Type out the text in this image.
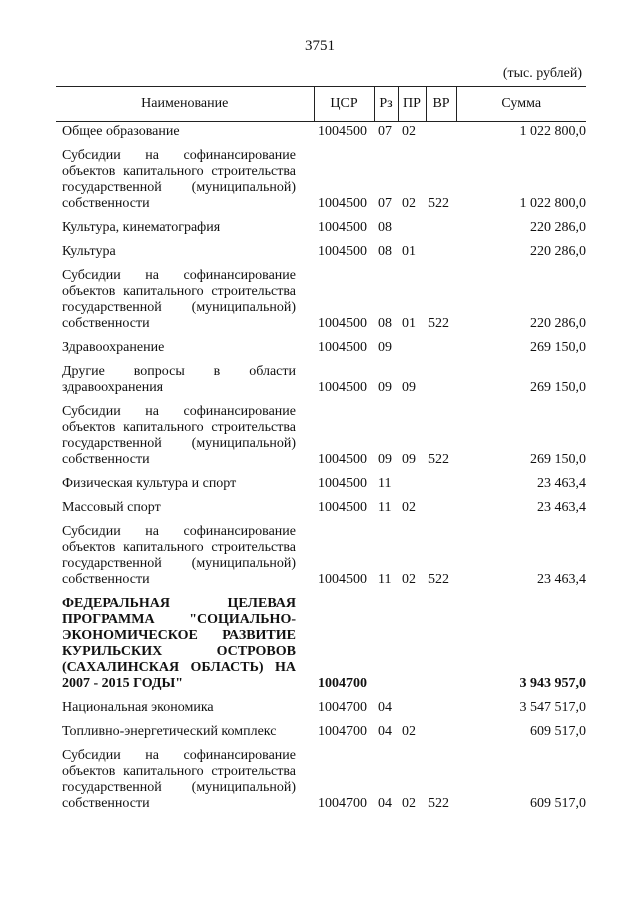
3751
(тыс. рублей)
Наименование	ЦСР	Рз	ПР	ВР	Сумма
Общее образование	1004500	07	02		1 022 800,0
Субсидии на софинансирование объектов капитального строительства государственной (муниципальной) собственности	1004500	07	02	522	1 022 800,0
Культура, кинематография	1004500	08			220 286,0
Культура	1004500	08	01		220 286,0
Субсидии на софинансирование объектов капитального строительства государственной (муниципальной) собственности	1004500	08	01	522	220 286,0
Здравоохранение	1004500	09			269 150,0
Другие вопросы в области здравоохранения	1004500	09	09		269 150,0
Субсидии на софинансирование объектов капитального строительства государственной (муниципальной) собственности	1004500	09	09	522	269 150,0
Физическая культура и спорт	1004500	11			23 463,4
Массовый спорт	1004500	11	02		23 463,4
Субсидии на софинансирование объектов капитального строительства государственной (муниципальной) собственности	1004500	11	02	522	23 463,4
ФЕДЕРАЛЬНАЯ ЦЕЛЕВАЯ ПРОГРАММА "СОЦИАЛЬНО-ЭКОНОМИЧЕСКОЕ РАЗВИТИЕ КУРИЛЬСКИХ ОСТРОВОВ (САХАЛИНСКАЯ ОБЛАСТЬ) НА 2007 - 2015 ГОДЫ"	1004700				3 943 957,0
Национальная экономика	1004700	04			3 547 517,0
Топливно-энергетический комплекс	1004700	04	02		609 517,0
Субсидии на софинансирование объектов капитального строительства государственной (муниципальной) собственности	1004700	04	02	522	609 517,0
